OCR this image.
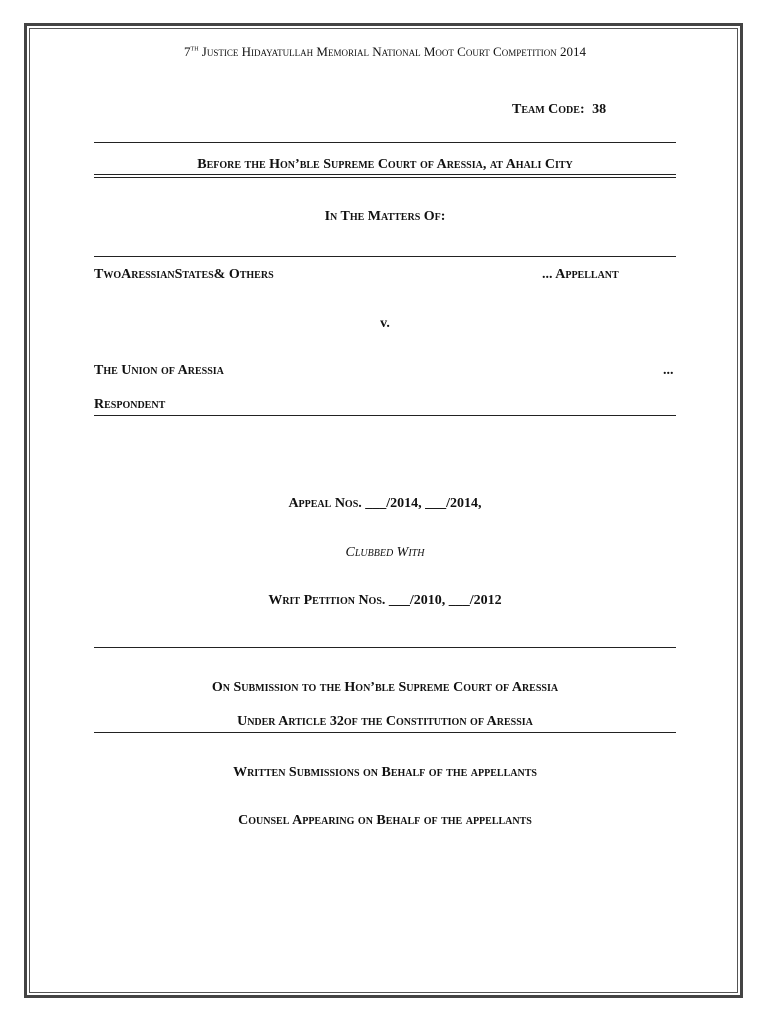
7th Justice Hidayatullah Memorial National Moot Court Competition 2014
Team Code: 38
Before the Hon’ble Supreme Court of Aressia, at Ahali City
In The Matters Of:
TwoAressianStates& Others	... Appellant
v.
The Union of Aressia	...
Respondent
Appeal Nos. ___/2014, ___/2014,
Clubbed With
Writ Petition Nos. ___/2010, ___/2012
On Submission to the Hon’ble Supreme Court of Aressia
Under Article 32of the Constitution of Aressia
Written Submissions on Behalf of the appellants
Counsel Appearing on Behalf of the appellants
